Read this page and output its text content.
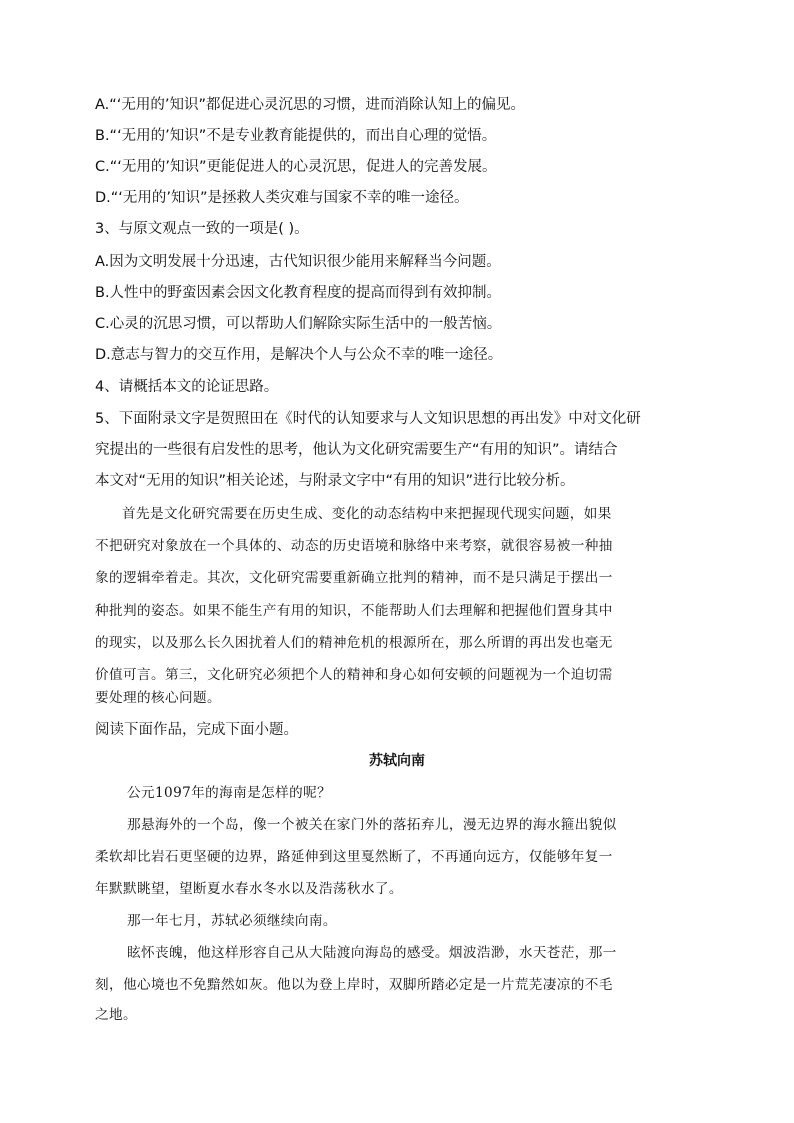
A.“‘无用的’知识”都促进心灵沉思的习惯，进而消除认知上的偏见。
B.“‘无用的’知识”不是专业教育能提供的，而出自心理的觉悟。
C.“‘无用的’知识”更能促进人的心灵沉思，促进人的完善发展。
D.“‘无用的’知识”是拯救人类灾难与国家不幸的唯一途径。
3、与原文观点一致的一项是( )。
A.因为文明发展十分迅速，古代知识很少能用来解释当今问题。
B.人性中的野蛮因素会因文化教育程度的提高而得到有效抑制。
C.心灵的沉思习惯，可以帮助人们解除实际生活中的一般苦恼。
D.意志与智力的交互作用，是解决个人与公众不幸的唯一途径。
4、请概括本文的论证思路。
5、下面附录文字是贺照田在《时代的认知要求与人文知识思想的再出发》中对文化研
究提出的一些很有启发性的思考，他认为文化研究需要生产“有用的知识”。请结合
本文对“无用的知识”相关论述，与附录文字中“有用的知识”进行比较分析。
首先是文化研究需要在历史生成、变化的动态结构中来把握现代现实问题，如果
不把研究对象放在一个具体的、动态的历史语境和脉络中来考察，就很容易被一种抽
象的逻辑牵着走。其次，文化研究需要重新确立批判的精神，而不是只满足于摆出一
种批判的姿态。如果不能生产有用的知识，不能帮助人们去理解和把握他们置身其中
的现实，以及那么长久困扰着人们的精神危机的根源所在，那么所谓的再出发也毫无
价值可言。第三，文化研究必须把个人的精神和身心如何安顿的问题视为一个迫切需
要处理的核心问题。
阅读下面作品，完成下面小题。
苏轼向南
公元1097年的海南是怎样的呢？
那悬海外的一个岛，像一个被关在家门外的落拓弃儿，漫无边界的海水箍出貌似
柔软却比岩石更坚硬的边界，路延伸到这里戛然断了，不再通向远方，仅能够年复一
年默默眺望，望断夏水春水冬水以及浩荡秋水了。
那一年七月，苏轼必须继续向南。
眩怀丧魄，他这样形容自己从大陆渡向海岛的感受。烟波浩渺，水天苍茫，那一
刻，他心境也不免黯然如灰。他以为登上岸时，双脚所踏必定是一片荒芜凄凉的不毛
之地。
